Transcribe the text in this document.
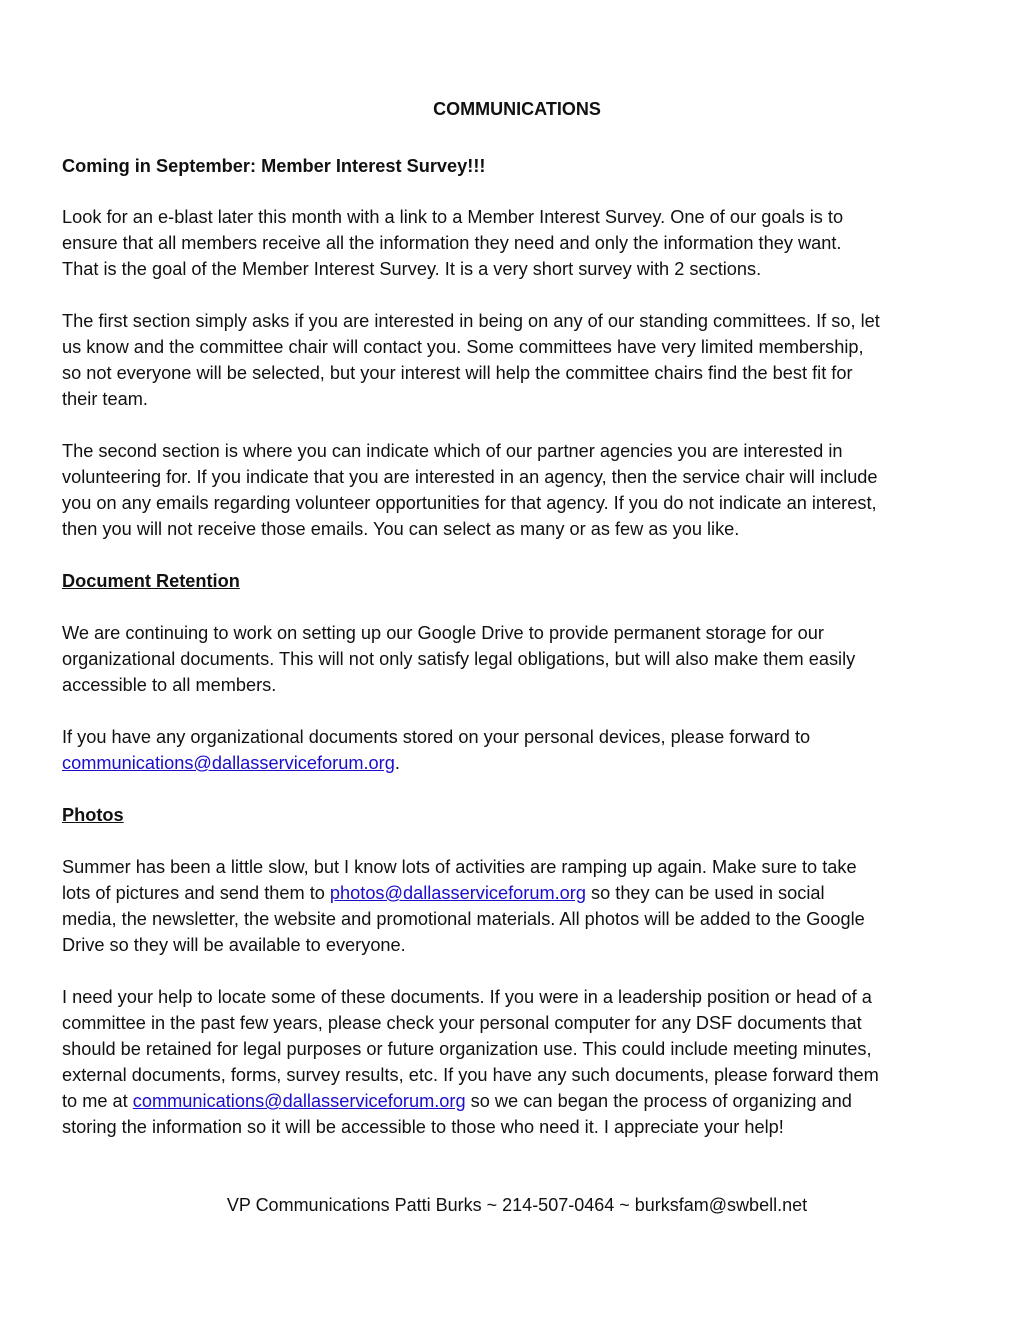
COMMUNICATIONS
Coming in September: Member Interest Survey!!!
Look for an e-blast later this month with a link to a Member Interest Survey. One of our goals is to
ensure that all members receive all the information they need and only the information they want.
That is the goal of the Member Interest Survey. It is a very short survey with 2 sections.
The first section simply asks if you are interested in being on any of our standing committees. If so, let
us know and the committee chair will contact you. Some committees have very limited membership,
so not everyone will be selected, but your interest will help the committee chairs find the best fit for
their team.
The second section is where you can indicate which of our partner agencies you are interested in
volunteering for. If you indicate that you are interested in an agency, then the service chair will include
you on any emails regarding volunteer opportunities for that agency. If you do not indicate an interest,
then you will not receive those emails. You can select as many or as few as you like.
Document Retention
We are continuing to work on setting up our Google Drive to provide permanent storage for our
organizational documents. This will not only satisfy legal obligations, but will also make them easily
accessible to all members.
If you have any organizational documents stored on your personal devices, please forward to
communications@dallasserviceforum.org.
Photos
Summer has been a little slow, but I know lots of activities are ramping up again. Make sure to take
lots of pictures and send them to photos@dallasserviceforum.org so they can be used in social
media, the newsletter, the website and promotional materials. All photos will be added to the Google
Drive so they will be available to everyone.
I need your help to locate some of these documents. If you were in a leadership position or head of a
committee in the past few years, please check your personal computer for any DSF documents that
should be retained for legal purposes or future organization use. This could include meeting minutes,
external documents, forms, survey results, etc. If you have any such documents, please forward them
to me at communications@dallasserviceforum.org so we can began the process of organizing and
storing the information so it will be accessible to those who need it. I appreciate your help!
VP Communications Patti Burks ~ 214-507-0464 ~ burksfam@swbell.net
